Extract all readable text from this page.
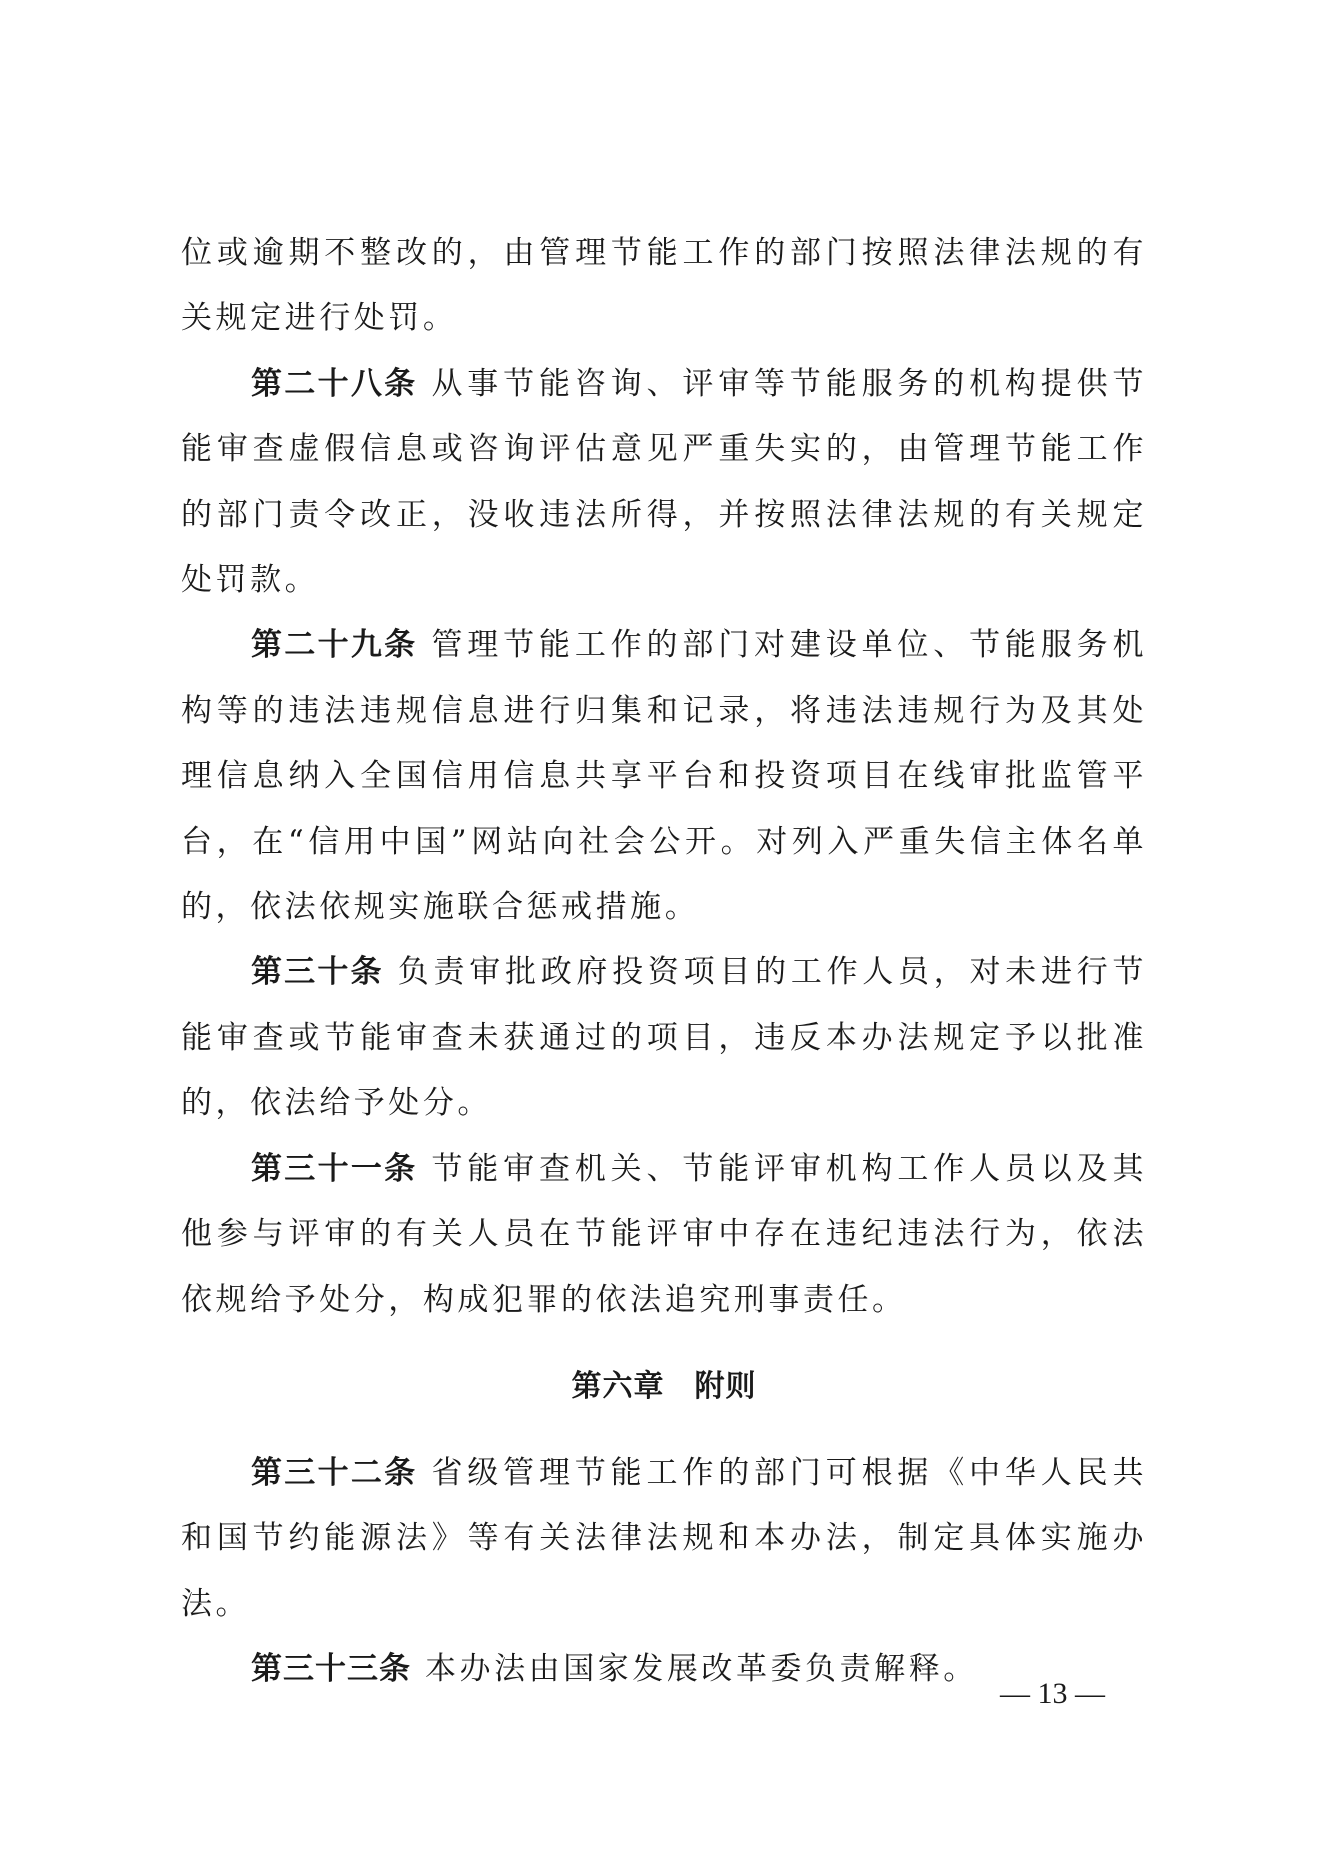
位或逾期不整改的，由管理节能工作的部门按照法律法规的有关规定进行处罚。

第二十八条 从事节能咨询、评审等节能服务的机构提供节能审查虚假信息或咨询评估意见严重失实的，由管理节能工作的部门责令改正，没收违法所得，并按照法律法规的有关规定处罚款。

第二十九条 管理节能工作的部门对建设单位、节能服务机构等的违法违规信息进行归集和记录，将违法违规行为及其处理信息纳入全国信用信息共享平台和投资项目在线审批监管平台，在“信用中国”网站向社会公开。对列入严重失信主体名单的，依法依规实施联合惩戒措施。

第三十条 负责审批政府投资项目的工作人员，对未进行节能审查或节能审查未获通过的项目，违反本办法规定予以批准的，依法给予处分。

第三十一条 节能审查机关、节能评审机构工作人员以及其他参与评审的有关人员在节能评审中存在违纪违法行为，依法依规给予处分，构成犯罪的依法追究刑事责任。

第六章 附则

第三十二条 省级管理节能工作的部门可根据《中华人民共和国节约能源法》等有关法律法规和本办法，制定具体实施办法。

第三十三条 本办法由国家发展改革委负责解释。

— 13 —
